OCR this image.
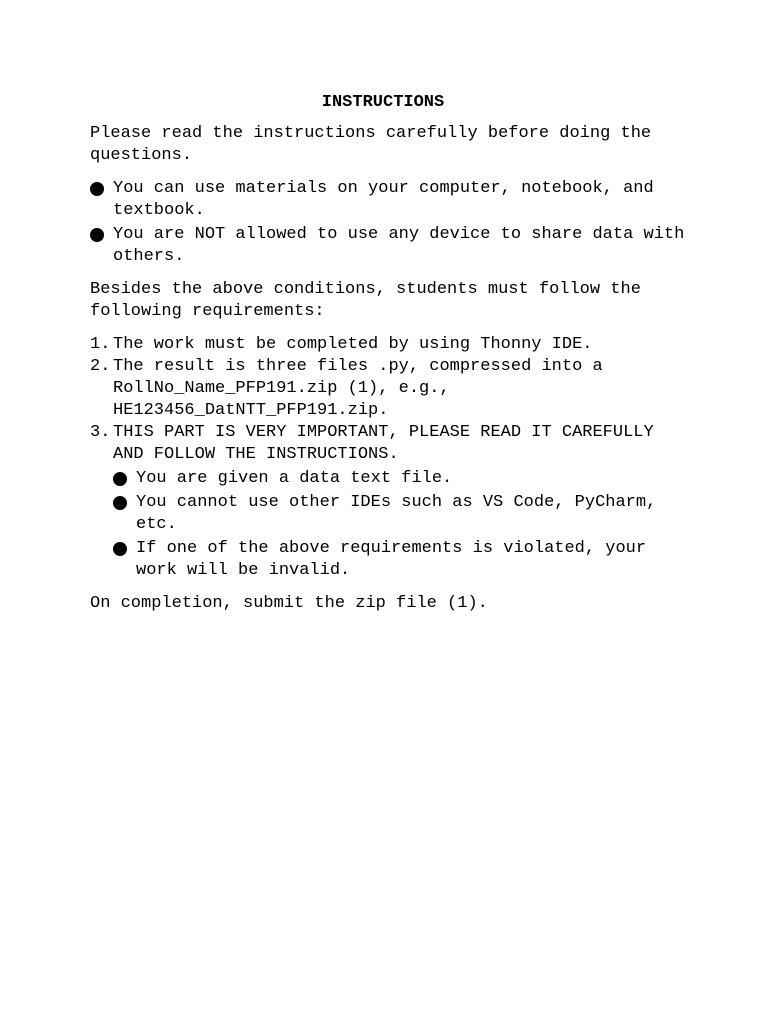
INSTRUCTIONS

Please read the instructions carefully before doing the questions.

You can use materials on your computer, notebook, and textbook.
You are NOT allowed to use any device to share data with others.

Besides the above conditions, students must follow the following requirements:

1. The work must be completed by using Thonny IDE.
2. The result is three files .py, compressed into a RollNo_Name_PFP191.zip (1), e.g., HE123456_DatNTT_PFP191.zip.
3. THIS PART IS VERY IMPORTANT, PLEASE READ IT CAREFULLY AND FOLLOW THE INSTRUCTIONS.
You are given a data text file.
You cannot use other IDEs such as VS Code, PyCharm, etc.
If one of the above requirements is violated, your work will be invalid.

On completion, submit the zip file (1).
